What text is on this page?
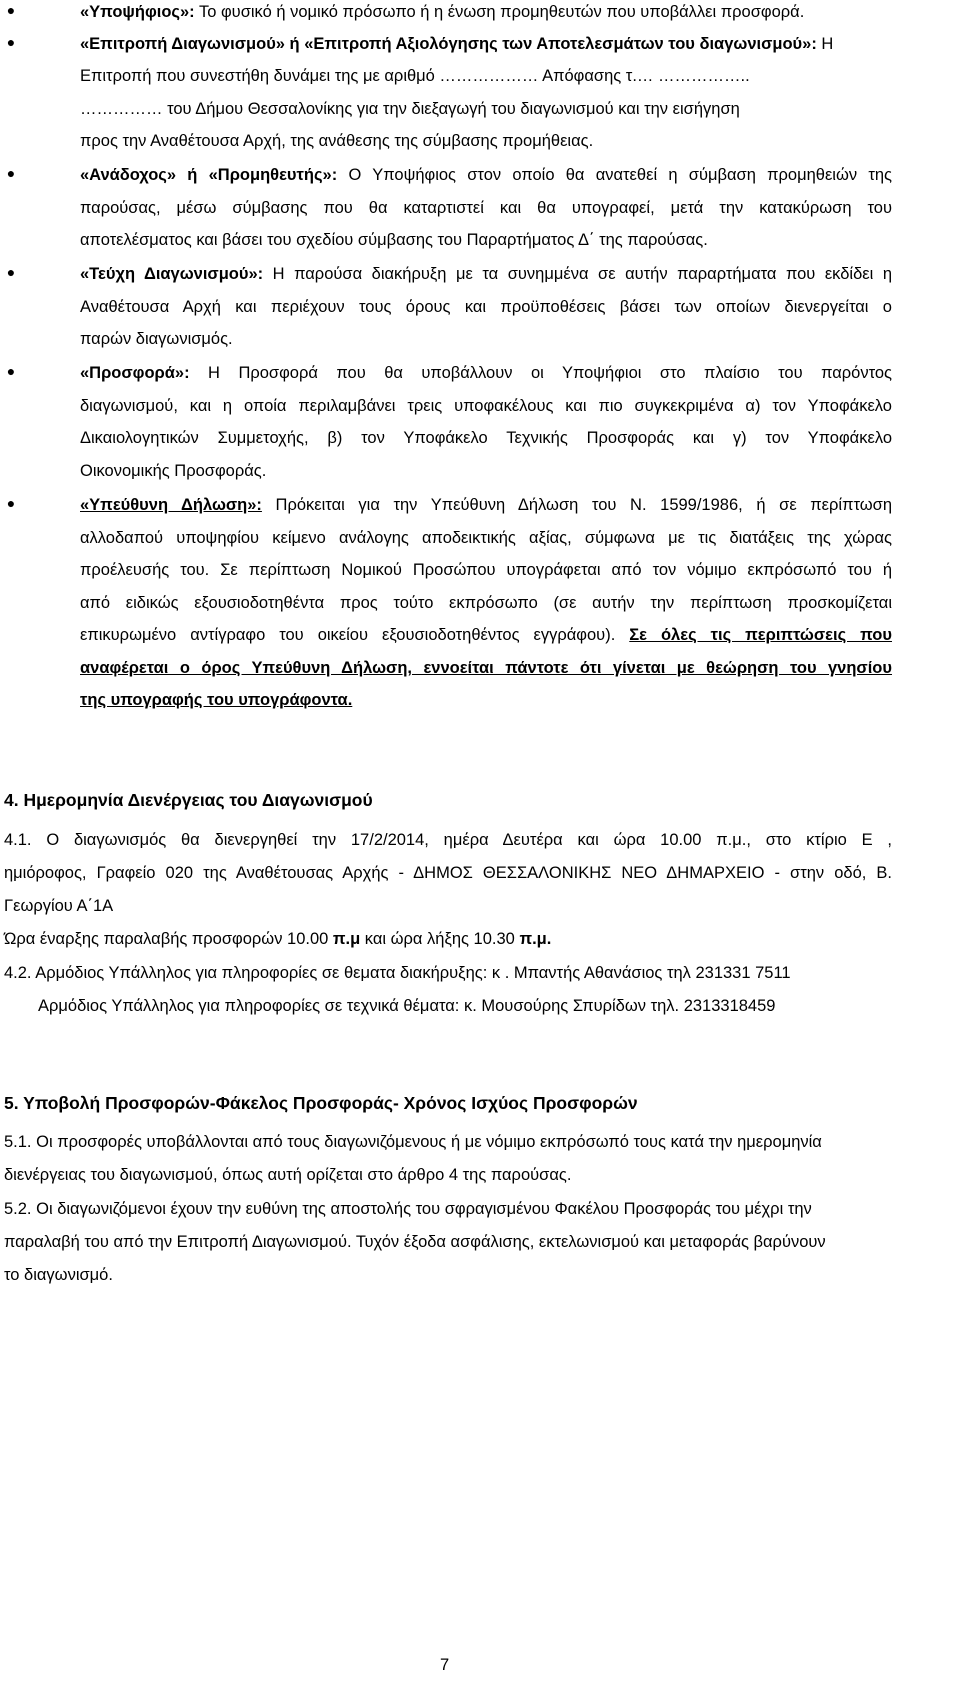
●	«Υποψήφιος»: Το φυσικό ή νομικό πρόσωπο ή η ένωση προμηθευτών που υποβάλλει προσφορά.
●	«Επιτροπή Διαγωνισμού» ή «Επιτροπή Αξιολόγησης των Αποτελεσμάτων του διαγωνισμού»: Η
Επιτροπή που συνεστήθη δυνάμει της με αριθμό ……………… Απόφασης τ.… ……………..
…………… του Δήμου Θεσσαλονίκης για την διεξαγωγή του διαγωνισμού και την εισήγηση
προς την Αναθέτουσα Αρχή, της ανάθεσης της σύμβασης προμήθειας.
●	«Ανάδοχος» ή «Προμηθευτής»: Ο Υποψήφιος στον οποίο θα ανατεθεί η σύμβαση προμηθειών της
παρούσας, μέσω σύμβασης που θα καταρτιστεί και θα υπογραφεί, μετά την κατακύρωση του
αποτελέσματος και βάσει του σχεδίου σύμβασης του Παραρτήματος Δ΄ της παρούσας.
●	«Τεύχη Διαγωνισμού»: Η παρούσα διακήρυξη με τα συνημμένα σε αυτήν παραρτήματα που εκδίδει η
Αναθέτουσα Αρχή και περιέχουν τους όρους και προϋποθέσεις βάσει των οποίων διενεργείται ο
παρών διαγωνισμός.
●	«Προσφορά»: Η Προσφορά που θα υποβάλλουν οι Υποψήφιοι στο πλαίσιο του παρόντος
διαγωνισμού, και η οποία περιλαμβάνει τρεις υποφακέλους και πιο συγκεκριμένα α) τον Υποφάκελο
Δικαιολογητικών Συμμετοχής, β) τον Υποφάκελο Τεχνικής Προσφοράς και γ) τον Υποφάκελο
Οικονομικής Προσφοράς.
●	«Υπεύθυνη Δήλωση»: Πρόκειται για την Υπεύθυνη Δήλωση του Ν. 1599/1986, ή σε περίπτωση
αλλοδαπού υποψηφίου κείμενο ανάλογης αποδεικτικής αξίας, σύμφωνα με τις διατάξεις της χώρας
προέλευσής του. Σε περίπτωση Νομικού Προσώπου υπογράφεται από τον νόμιμο εκπρόσωπό του ή
από ειδικώς εξουσιοδοτηθέντα προς τούτο εκπρόσωπο (σε αυτήν την περίπτωση προσκομίζεται
επικυρωμένο αντίγραφο του οικείου εξουσιοδοτηθέντος εγγράφου). Σε όλες τις περιπτώσεις που
αναφέρεται ο όρος Υπεύθυνη Δήλωση, εννοείται πάντοτε ότι γίνεται με θεώρηση του γνησίου
της υπογραφής του υπογράφοντα.
4. Ημερομηνία Διενέργειας του Διαγωνισμού
4.1. Ο διαγωνισμός θα διενεργηθεί την 17/2/2014, ημέρα Δευτέρα και ώρα 10.00 π.μ., στο κτίριο Ε ,
ημιόροφος, Γραφείο 020 της Αναθέτουσας Αρχής - ΔΗΜΟΣ ΘΕΣΣΑΛΟΝΙΚΗΣ ΝΕΟ ΔΗΜΑΡΧΕΙΟ - στην οδό, Β.
Γεωργίου Α΄1Α
Ώρα έναρξης παραλαβής προσφορών 10.00 π.μ και ώρα λήξης 10.30 π.μ.
4.2. Αρμόδιος Υπάλληλος για πληροφορίες σε θεματα διακήρυξης: κ . Μπαντής Αθανάσιος τηλ 231331 7511
Αρμόδιος Υπάλληλος για πληροφορίες σε τεχνικά θέματα: κ. Μουσούρης Σπυρίδων τηλ. 2313318459
5. Υποβολή Προσφορών-Φάκελος Προσφοράς- Χρόνος Ισχύος Προσφορών
5.1. Οι προσφορές υποβάλλονται από τους διαγωνιζόμενους ή με νόμιμο εκπρόσωπό τους κατά την ημερομηνία
διενέργειας του διαγωνισμού, όπως αυτή ορίζεται στο άρθρο 4 της παρούσας.
5.2. Οι διαγωνιζόμενοι έχουν την ευθύνη της αποστολής του σφραγισμένου Φακέλου Προσφοράς του μέχρι την
παραλαβή του από την Επιτροπή Διαγωνισμού. Τυχόν έξοδα ασφάλισης, εκτελωνισμού και μεταφοράς βαρύνουν
το διαγωνισμό.
7
